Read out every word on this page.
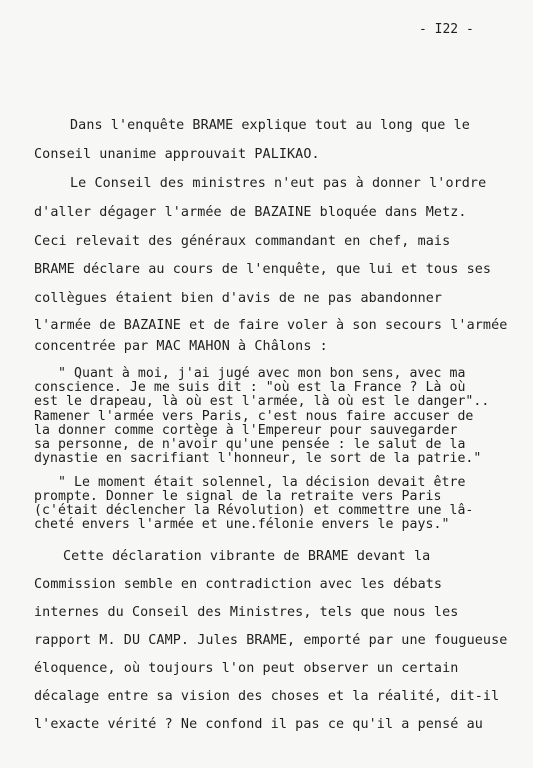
- I22 -
Dans l'enquête BRAME explique tout au long que le
Conseil unanime approuvait PALIKAO.
Le Conseil des ministres n'eut pas à donner l'ordre
d'aller dégager l'armée de BAZAINE bloquée dans Metz.
Ceci relevait des généraux commandant en chef, mais
BRAME déclare au cours de l'enquête, que lui et tous ses
collègues étaient bien d'avis de ne pas abandonner
l'armée de BAZAINE et de faire voler à son secours l'armée
concentrée par MAC MAHON à Châlons :
" Quant à moi, j'ai jugé avec mon bon sens, avec ma
conscience. Je me suis dit : "où est la France ? Là où
est le drapeau, là où est l'armée, là où est le danger"..
Ramener l'armée vers Paris, c'est nous faire accuser de
la donner comme cortège à l'Empereur pour sauvegarder
sa personne, de n'avoir qu'une pensée : le salut de la
dynastie en sacrifiant l'honneur, le sort de la patrie."
" Le moment était solennel, la décision devait être
prompte. Donner le signal de la retraite vers Paris
(c'était déclencher la Révolution) et commettre une lâ-
cheté envers l'armée et une.félonie envers le pays."
Cette déclaration vibrante de BRAME devant la
Commission semble en contradiction avec les débats
internes du Conseil des Ministres, tels que nous les
rapport M. DU CAMP. Jules BRAME, emporté par une fougueuse
éloquence, où toujours l'on peut observer un certain
décalage entre sa vision des choses et la réalité, dit-il
l'exacte vérité ? Ne confond il pas ce qu'il a pensé au
